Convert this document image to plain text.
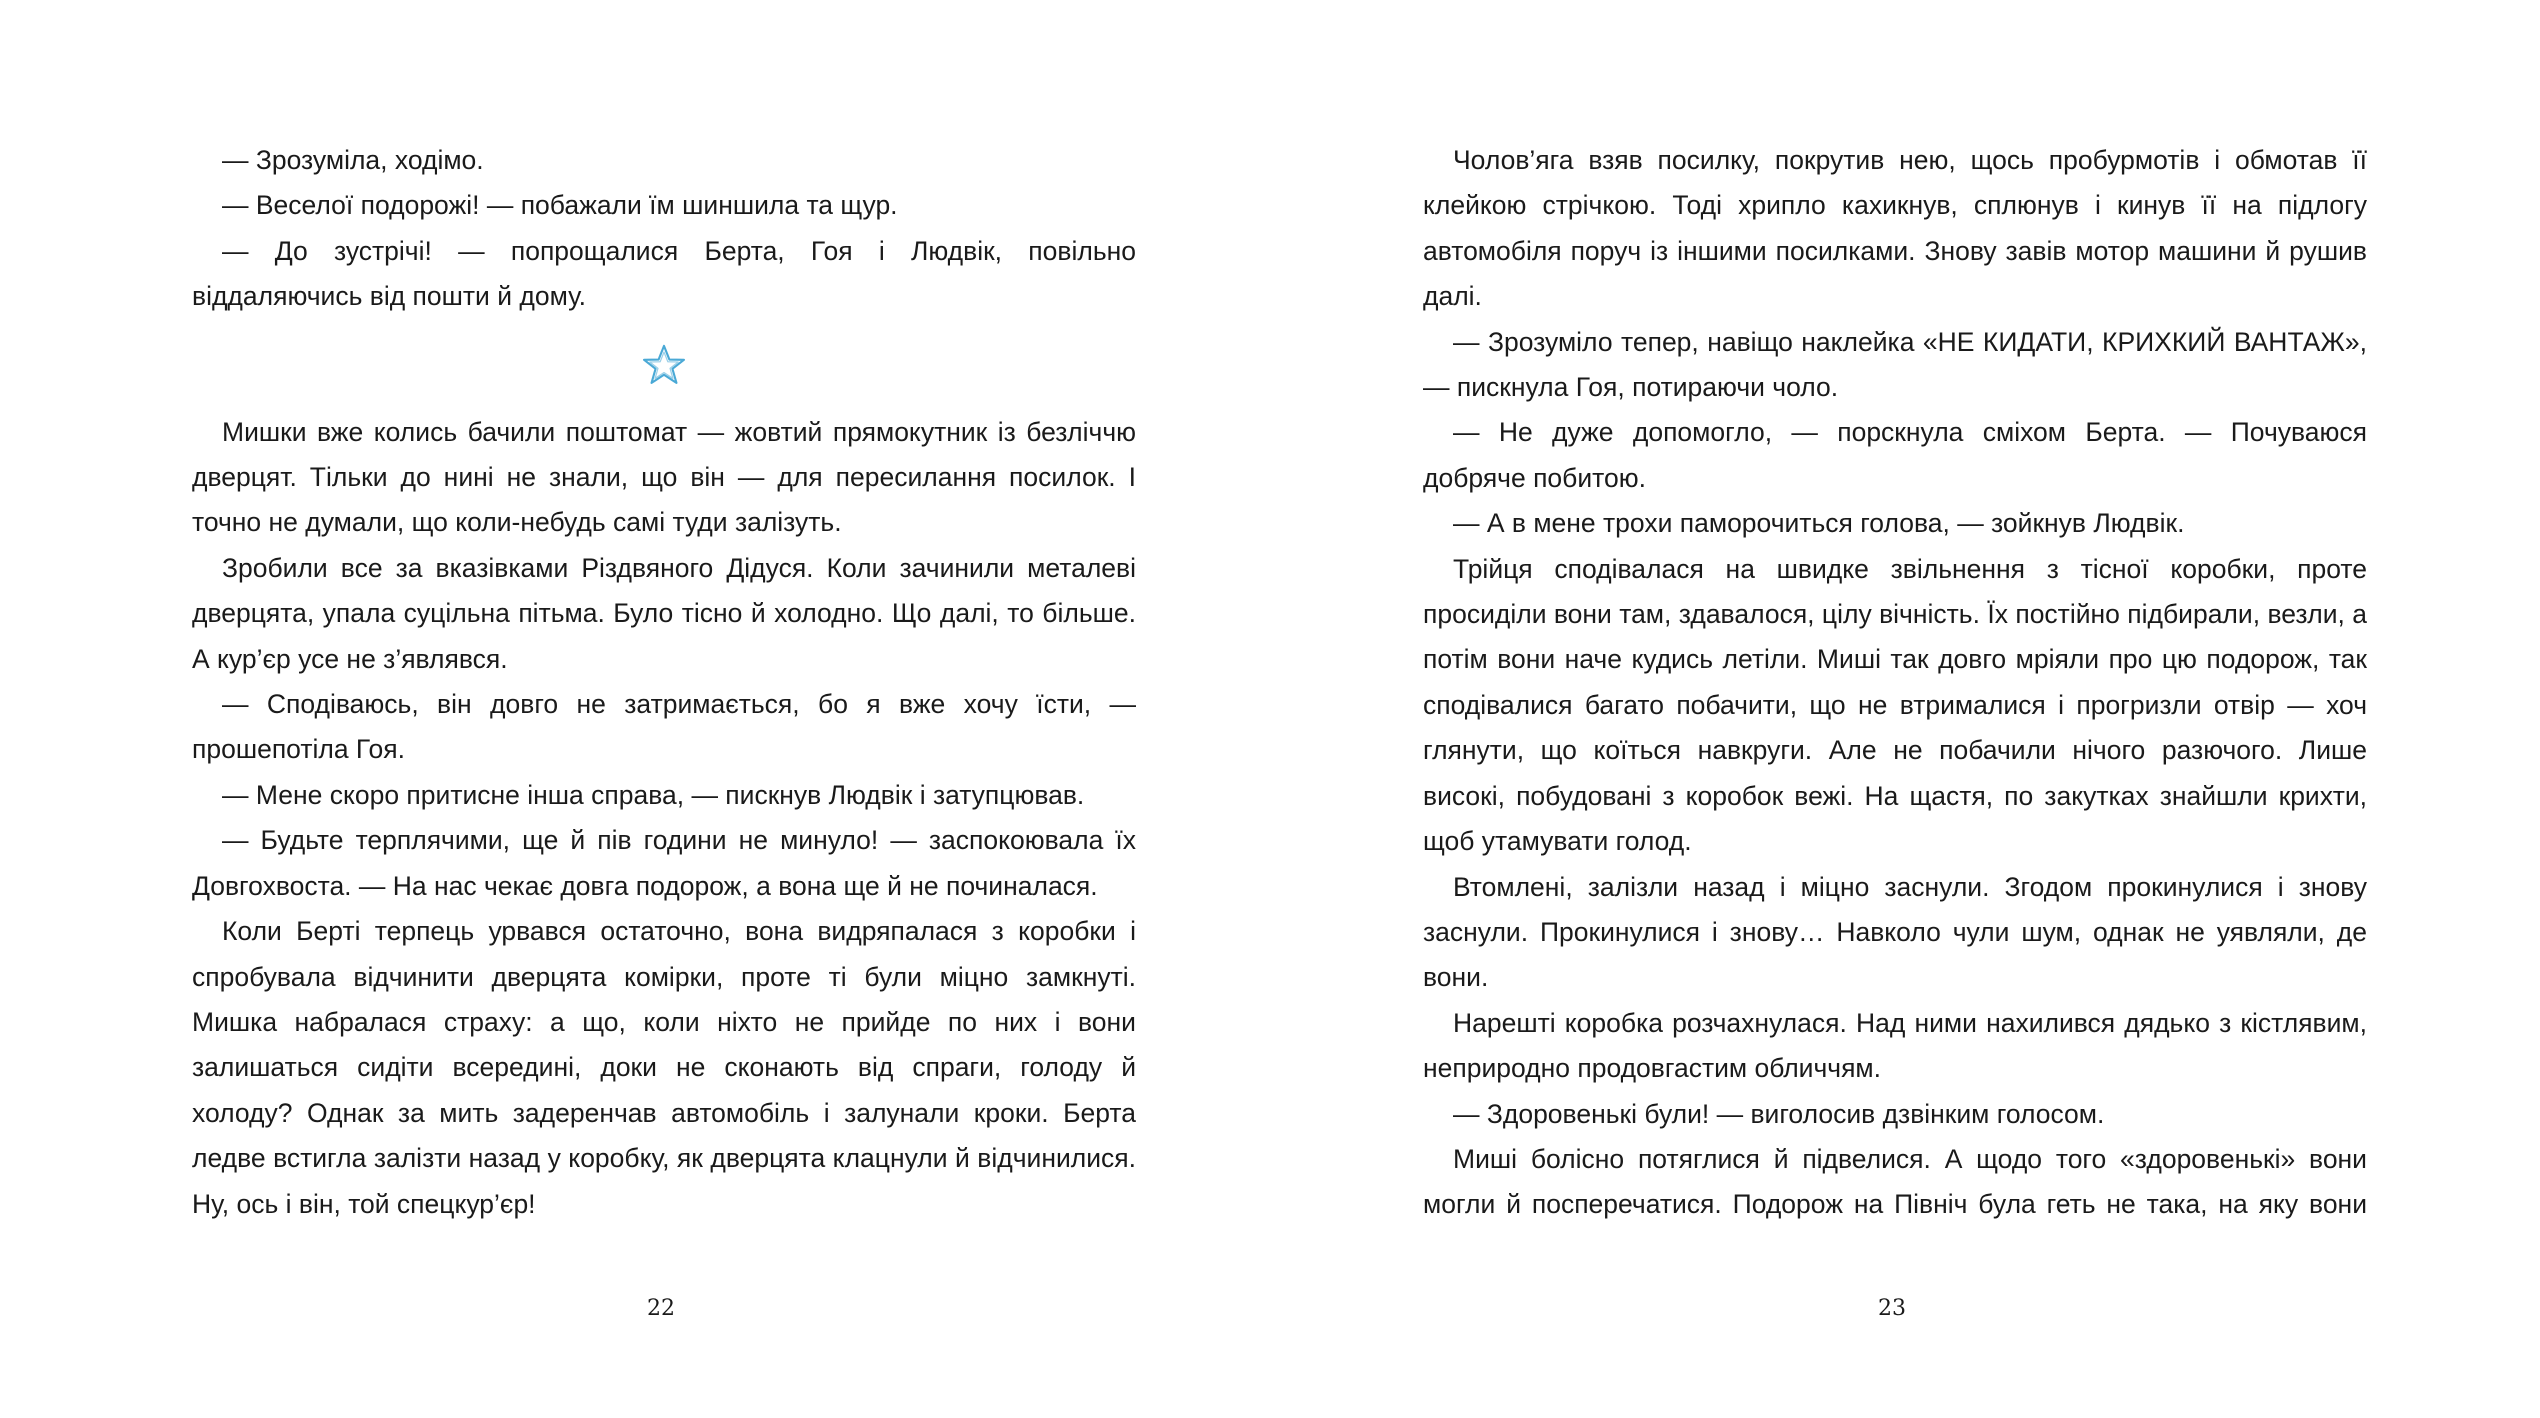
— Зрозуміла, ходімо.

— Веселої подорожі! — побажали їм шиншила та щур.

— До зустрічі! — попрощалися Берта, Гоя і Людвік, повільно віддаляючись від пошти й дому.

Мишки вже колись бачили поштомат — жовтий прямокутник із безліччю дверцят. Тільки до нині не знали, що він — для пересилання посилок. І точно не думали, що коли-небудь самі туди залізуть.

Зробили все за вказівками Різдвяного Дідуся. Коли зачинили металеві дверцята, упала суцільна пітьма. Було тісно й холодно. Що далі, то більше. А кур’єр усе не з’являвся.

— Сподіваюсь, він довго не затримається, бо я вже хочу їсти, — прошепотіла Гоя.

— Мене скоро притисне інша справа, — пискнув Людвік і затупцював.

— Будьте терплячими, ще й пів години не минуло! — заспокоювала їх Довгохвоста. — На нас чекає довга подорож, а вона ще й не починалася.

Коли Берті терпець урвався остаточно, вона видряпалася з коробки і спробувала відчинити дверцята комірки, проте ті були міцно замкнуті. Мишка набралася страху: а що, коли ніхто не прийде по них і вони залишаться сидіти всередині, доки не сконають від спраги, голоду й холоду? Однак за мить задеренчав автомобіль і залунали кроки. Берта ледве встигла залізти назад у коробку, як дверцята клацнули й відчинилися. Ну, ось і він, той спецкур’єр!

22

Чолов’яга взяв посилку, покрутив нею, щось пробурмотів і обмотав її клейкою стрічкою. Тоді хрипло кахикнув, сплюнув і кинув її на підлогу автомобіля поруч із іншими посилками. Знову завів мотор машини й рушив далі.

— Зрозуміло тепер, навіщо наклейка «НЕ КИДАТИ, КРИХКИЙ ВАНТАЖ», — пискнула Гоя, потираючи чоло.

— Не дуже допомогло, — порскнула сміхом Берта. — Почуваюся добряче побитою.

— А в мене трохи паморочиться голова, — зойкнув Людвік.

Трійця сподівалася на швидке звільнення з тісної коробки, проте просиділи вони там, здавалося, цілу вічність. Їх постійно підбирали, везли, а потім вони наче кудись летіли. Миші так довго мріяли про цю подорож, так сподівалися багато побачити, що не втрималися і прогризли отвір — хоч глянути, що коїться навкруги. Але не побачили нічого разючого. Лише високі, побудовані з коробок вежі. На щастя, по закутках знайшли крихти, щоб утамувати голод.

Втомлені, залізли назад і міцно заснули. Згодом прокинулися і знову заснули. Прокинулися і знову… Навколо чули шум, однак не уявляли, де вони.

Нарешті коробка розчахнулася. Над ними нахилився дядько з кістлявим, неприродно продовгастим обличчям.

— Здоровенькі були! — виголосив дзвінким голосом.

Миші болісно потяглися й підвелися. А щодо того «здоровенькі» вони могли й посперечатися. Подорож на Північ була геть не така, на яку вони

23
